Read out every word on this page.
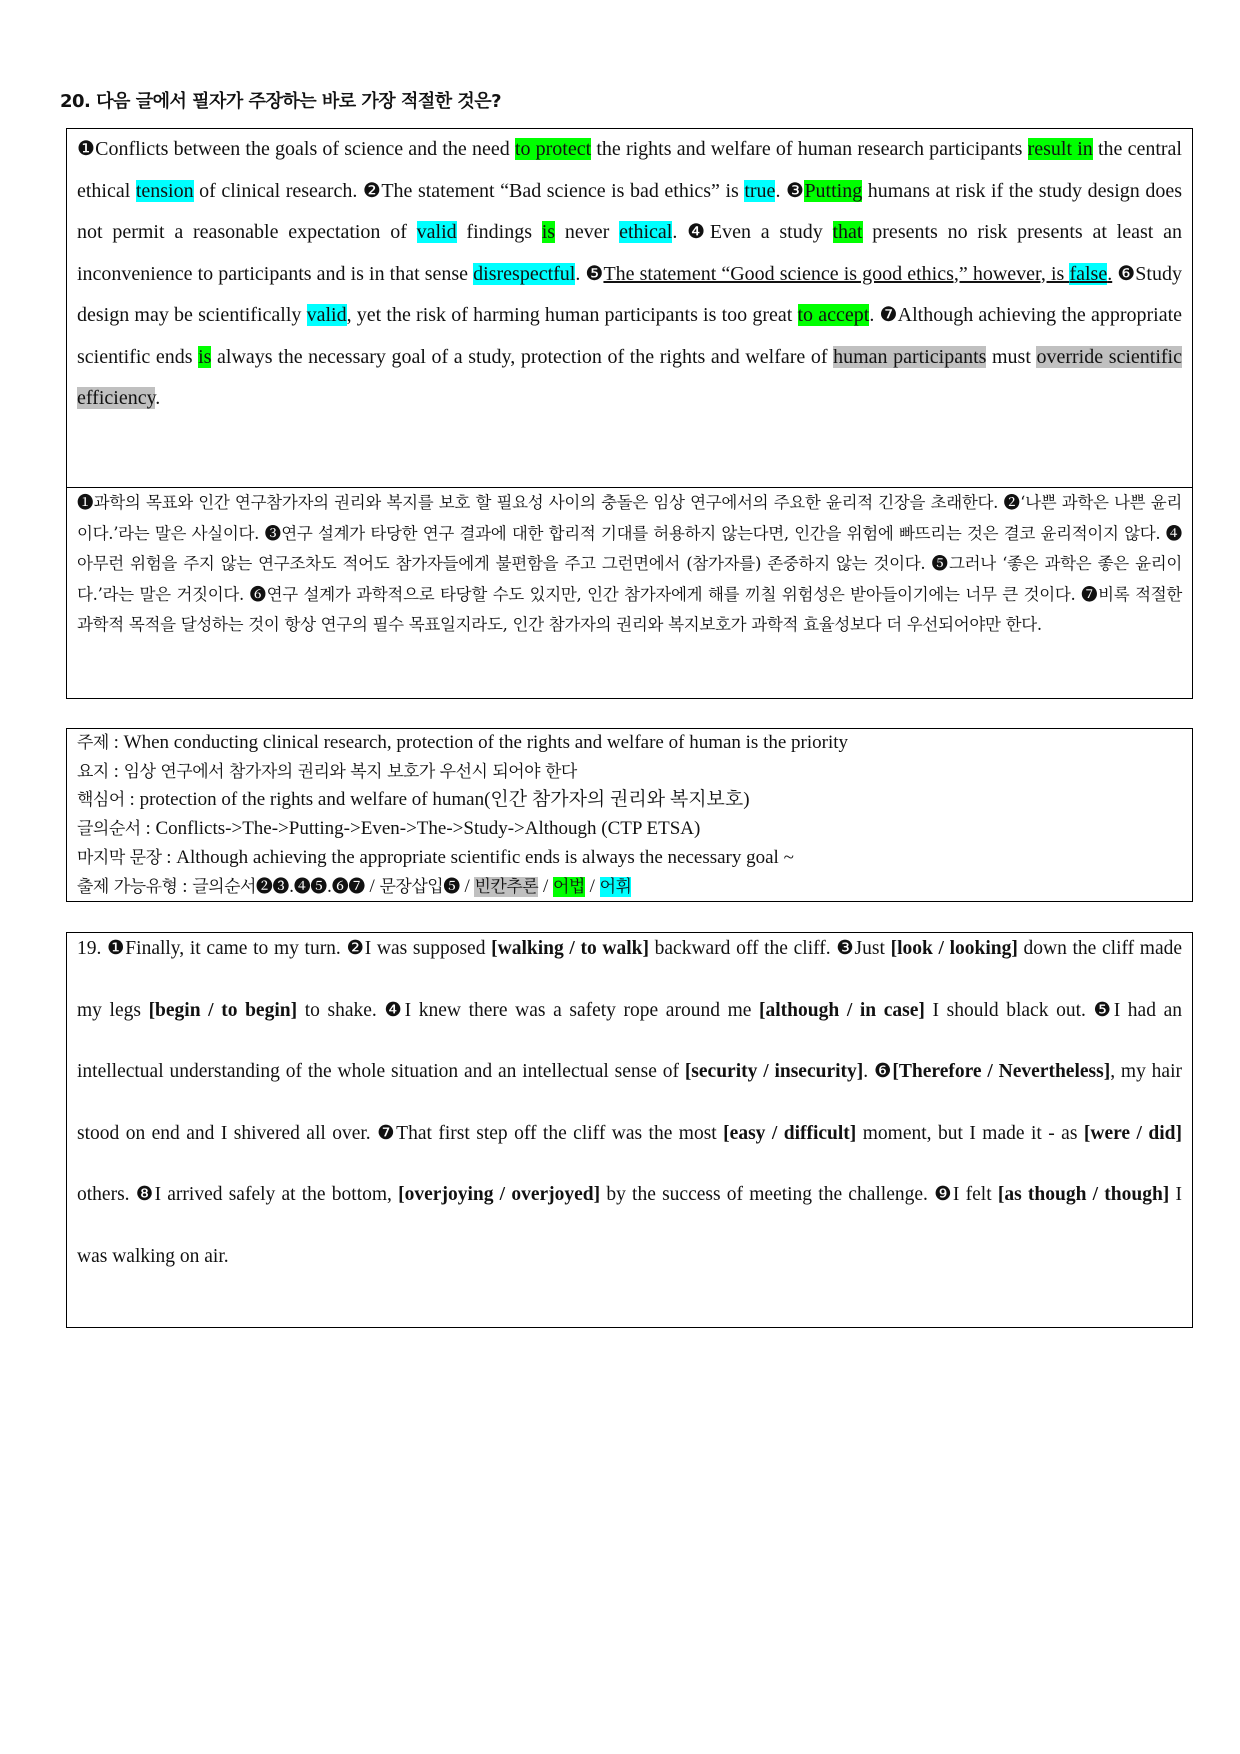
20. 다음 글에서 필자가 주장하는 바로 가장 적절한 것은?
❶Conflicts between the goals of science and the need to protect the rights and welfare of human research participants result in the central ethical tension of clinical research. ❷The statement “Bad science is bad ethics” is true. ❸Putting humans at risk if the study design does not permit a reasonable expectation of valid findings is never ethical. ❹Even a study that presents no risk presents at least an inconvenience to participants and is in that sense disrespectful. ❺The statement “Good science is good ethics,” however, is false. ❻Study design may be scientifically valid, yet the risk of harming human participants is too great to accept. ❼Although achieving the appropriate scientific ends is always the necessary goal of a study, protection of the rights and welfare of human participants must override scientific efficiency.
❶과학의 목표와 인간 연구참가자의 권리와 복지를 보호 할 필요성 사이의 충돌은 임상 연구에서의 주요한 윤리적 긴장을 초래한다. ❷‘나쁜 과학은 나쁜 윤리이다.’라는 말은 사실이다. ❸연구 설계가 타당한 연구 결과에 대한 합리적 기대를 허용하지 않는다면, 인간을 위험에 빠뜨리는 것은 결코 윤리적이지 않다. ❹아무런 위험을 주지 않는 연구조차도 적어도 참가자들에게 불편함을 주고 그런면에서 (참가자를) 존중하지 않는 것이다. ❺그러나 ‘좋은 과학은 좋은 윤리이다.’라는 말은 거짓이다. ❻연구 설계가 과학적으로 타당할 수도 있지만, 인간 참가자에게 해를 끼칠 위험성은 받아들이기에는 너무 큰 것이다. ❼비록 적절한 과학적 목적을 달성하는 것이 항상 연구의 필수 목표일지라도, 인간 참가자의 권리와 복지보호가 과학적 효율성보다 더 우선되어야만 한다.
주제 : When conducting clinical research, protection of the rights and welfare of human is the priority
요지 : 임상 연구에서 참가자의 권리와 복지 보호가 우선시 되어야 한다
핵심어 : protection of the rights and welfare of human(인간 참가자의 권리와 복지보호)
글의순서 : Conflicts->The->Putting->Even->The->Study->Although (CTP ETSA)
마지막 문장 : Although achieving the appropriate scientific ends is always the necessary goal ~
출제 가능유형 : 글의순서❷❸.❹❺.❻❼ / 문장삽입❺ / 빈칸추론 / 어법 / 어휘
19. ❶Finally, it came to my turn. ❷I was supposed [walking / to walk] backward off the cliff. ❸Just [look / looking] down the cliff made my legs [begin / to begin] to shake. ❹I knew there was a safety rope around me [although / in case] I should black out. ❺I had an intellectual understanding of the whole situation and an intellectual sense of [security / insecurity]. ❻[Therefore / Nevertheless], my hair stood on end and I shivered all over. ❼That first step off the cliff was the most [easy / difficult] moment, but I made it - as [were / did] others. ❽I arrived safely at the bottom, [overjoying / overjoyed] by the success of meeting the challenge. ❾I felt [as though / though] I was walking on air.
